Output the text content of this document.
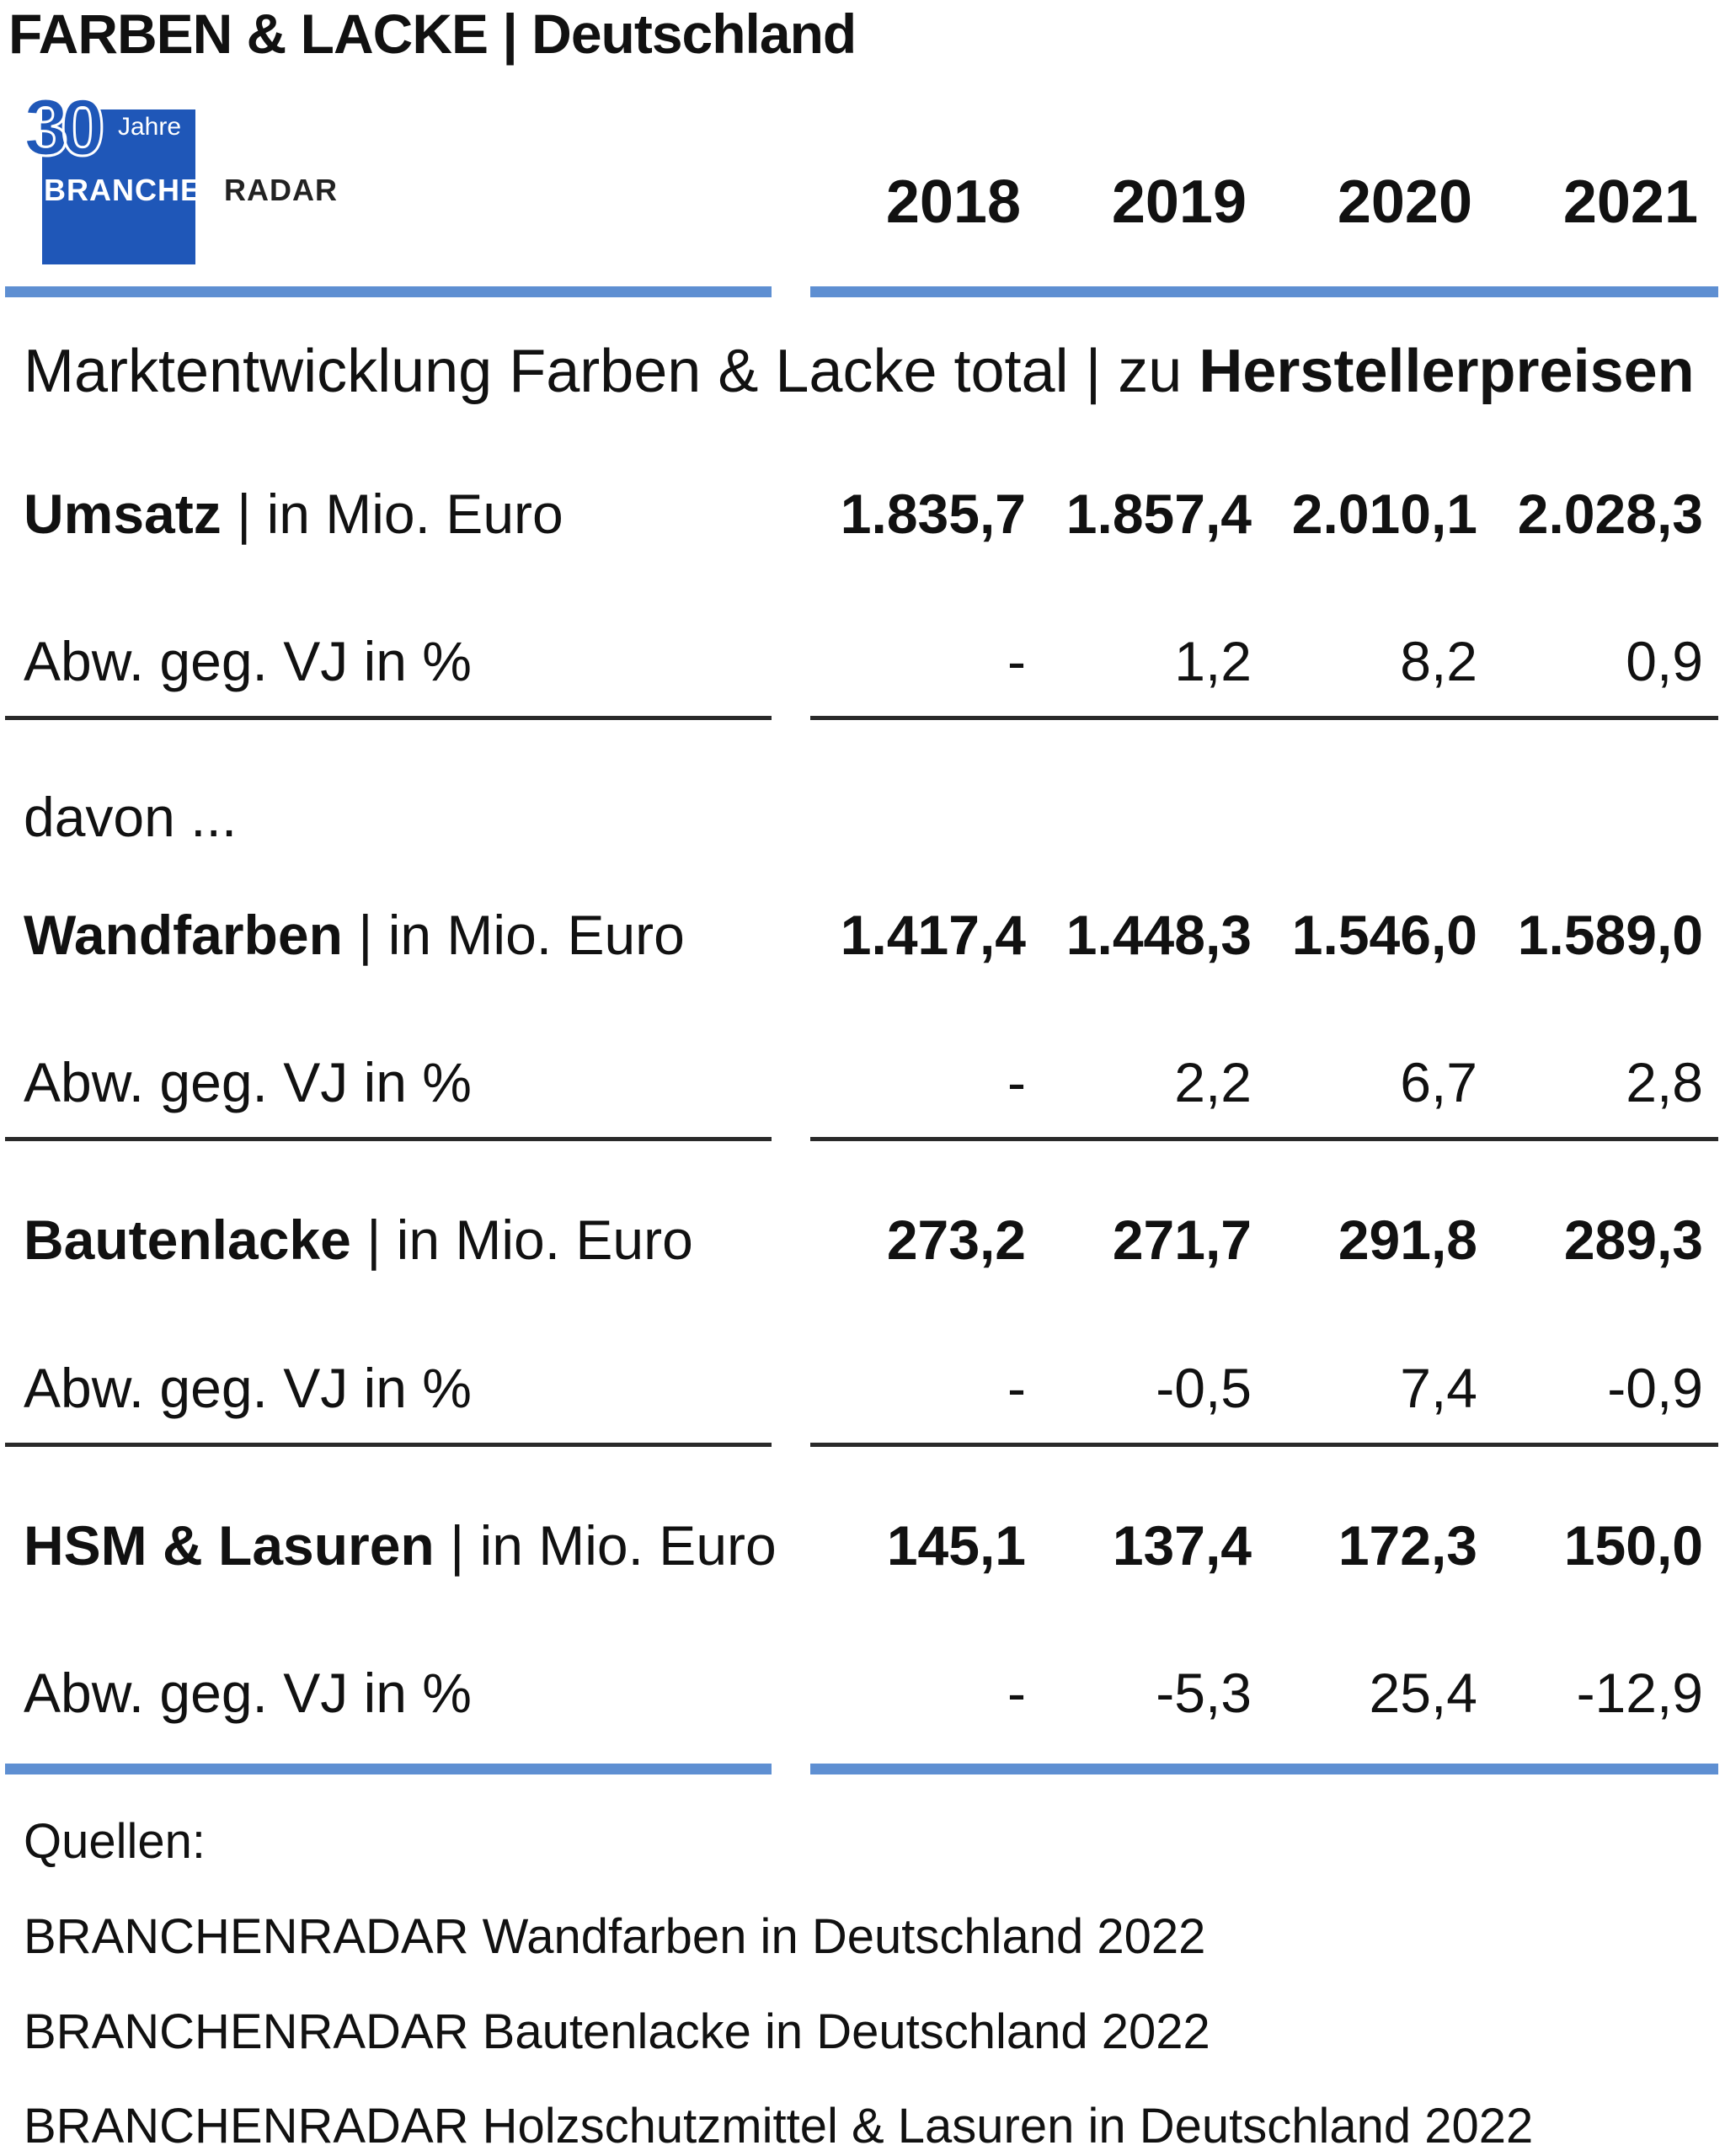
FARBEN & LACKE | Deutschland
30 Jahre
BRANCHENRADAR	2018	2019	2020	2021
Marktentwicklung Farben & Lacke total | zu Herstellerpreisen
Umsatz | in Mio. Euro	1.835,7 1.857,4 2.010,1 2.028,3
Abw. geg. VJ in %	-	1,2	8,2	0,9
davon ...
Wandfarben | in Mio. Euro	1.417,4 1.448,3 1.546,0 1.589,0
Abw. geg. VJ in %	-	2,2	6,7	2,8
Bautenlacke | in Mio. Euro	273,2	271,7	291,8	289,3
Abw. geg. VJ in %	-	-0,5	7,4	-0,9
HSM & Lasuren | in Mio. Euro	145,1	137,4	172,3	150,0
Abw. geg. VJ in %	-	-5,3	25,4	-12,9
Quellen:
BRANCHENRADAR Wandfarben in Deutschland 2022
BRANCHENRADAR Bautenlacke in Deutschland 2022
BRANCHENRADAR Holzschutzmittel & Lasuren in Deutschland 2022
